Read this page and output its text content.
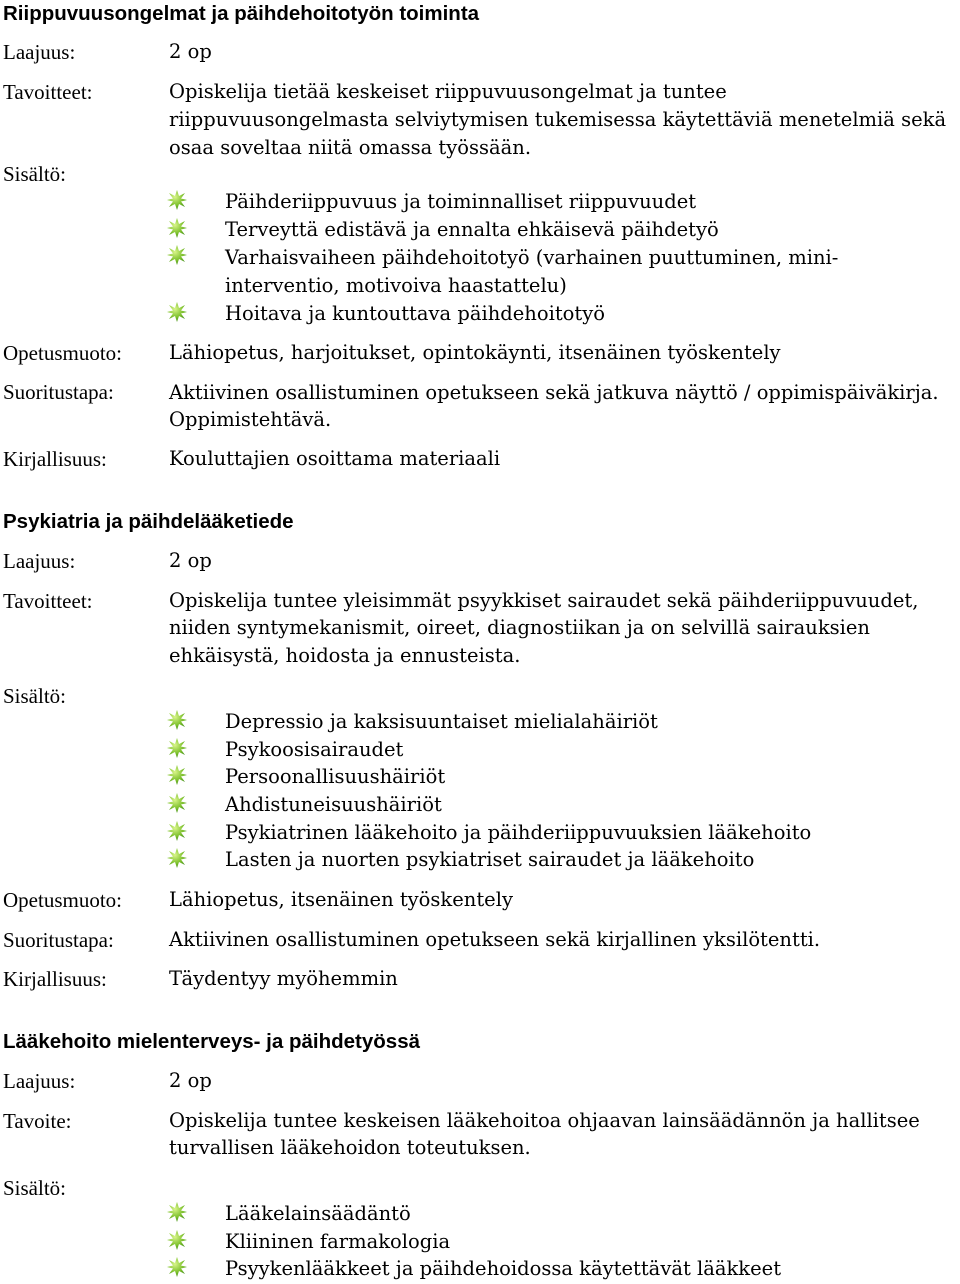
Riippuvuusongelmat ja päihdehoitotyön toiminta
Laajuus:	2 op
Tavoitteet:	Opiskelija tietää keskeiset riippuvuusongelmat ja tuntee
riippuvuusongelmasta selviytymisen tukemisessa käytettäviä menetelmiä sekä
osaa soveltaa niitä omassa työssään.
Sisältö:
Päihderiippuvuus ja toiminnalliset riippuvuudet
Terveyttä edistävä ja ennalta ehkäisevä päihdetyö
Varhaisvaiheen päihdehoitotyö (varhainen puuttuminen, mini-
interventio, motivoiva haastattelu)
Hoitava ja kuntouttava päihdehoitotyö
Opetusmuoto: Lähiopetus, harjoitukset, opintokäynti, itsenäinen työskentely
Suoritustapa:	Aktiivinen osallistuminen opetukseen sekä jatkuva näyttö / oppimispäiväkirja.
Oppimistehtävä.
Kirjallisuus:	Kouluttajien osoittama materiaali
Psykiatria ja päihdelääketiede
Laajuus:	2 op
Tavoitteet:	Opiskelija tuntee yleisimmät psyykkiset sairaudet sekä päihderiippuvuudet,
niiden syntymekanismit, oireet, diagnostiikan ja on selvillä sairauksien
ehkäisystä, hoidosta ja ennusteista.
Sisältö:
Depressio ja kaksisuuntaiset mielialahäiriöt
Psykoosisairaudet
Persoonallisuushäiriöt
Ahdistuneisuushäiriöt
Psykiatrinen lääkehoito ja päihderiippuvuuksien lääkehoito
Lasten ja nuorten psykiatriset sairaudet ja lääkehoito
Opetusmuoto: Lähiopetus, itsenäinen työskentely
Suoritustapa:	Aktiivinen osallistuminen opetukseen sekä kirjallinen yksilötentti.
Kirjallisuus:	Täydentyy myöhemmin
Lääkehoito mielenterveys- ja päihdetyössä
Laajuus:	2 op
Tavoite:	Opiskelija tuntee keskeisen lääkehoitoa ohjaavan lainsäädännön ja hallitsee
turvallisen lääkehoidon toteutuksen.
Sisältö:
Lääkelainsäädäntö
Kliininen farmakologia
Psyykenlääkkeet ja päihdehoidossa käytettävät lääkkeet
